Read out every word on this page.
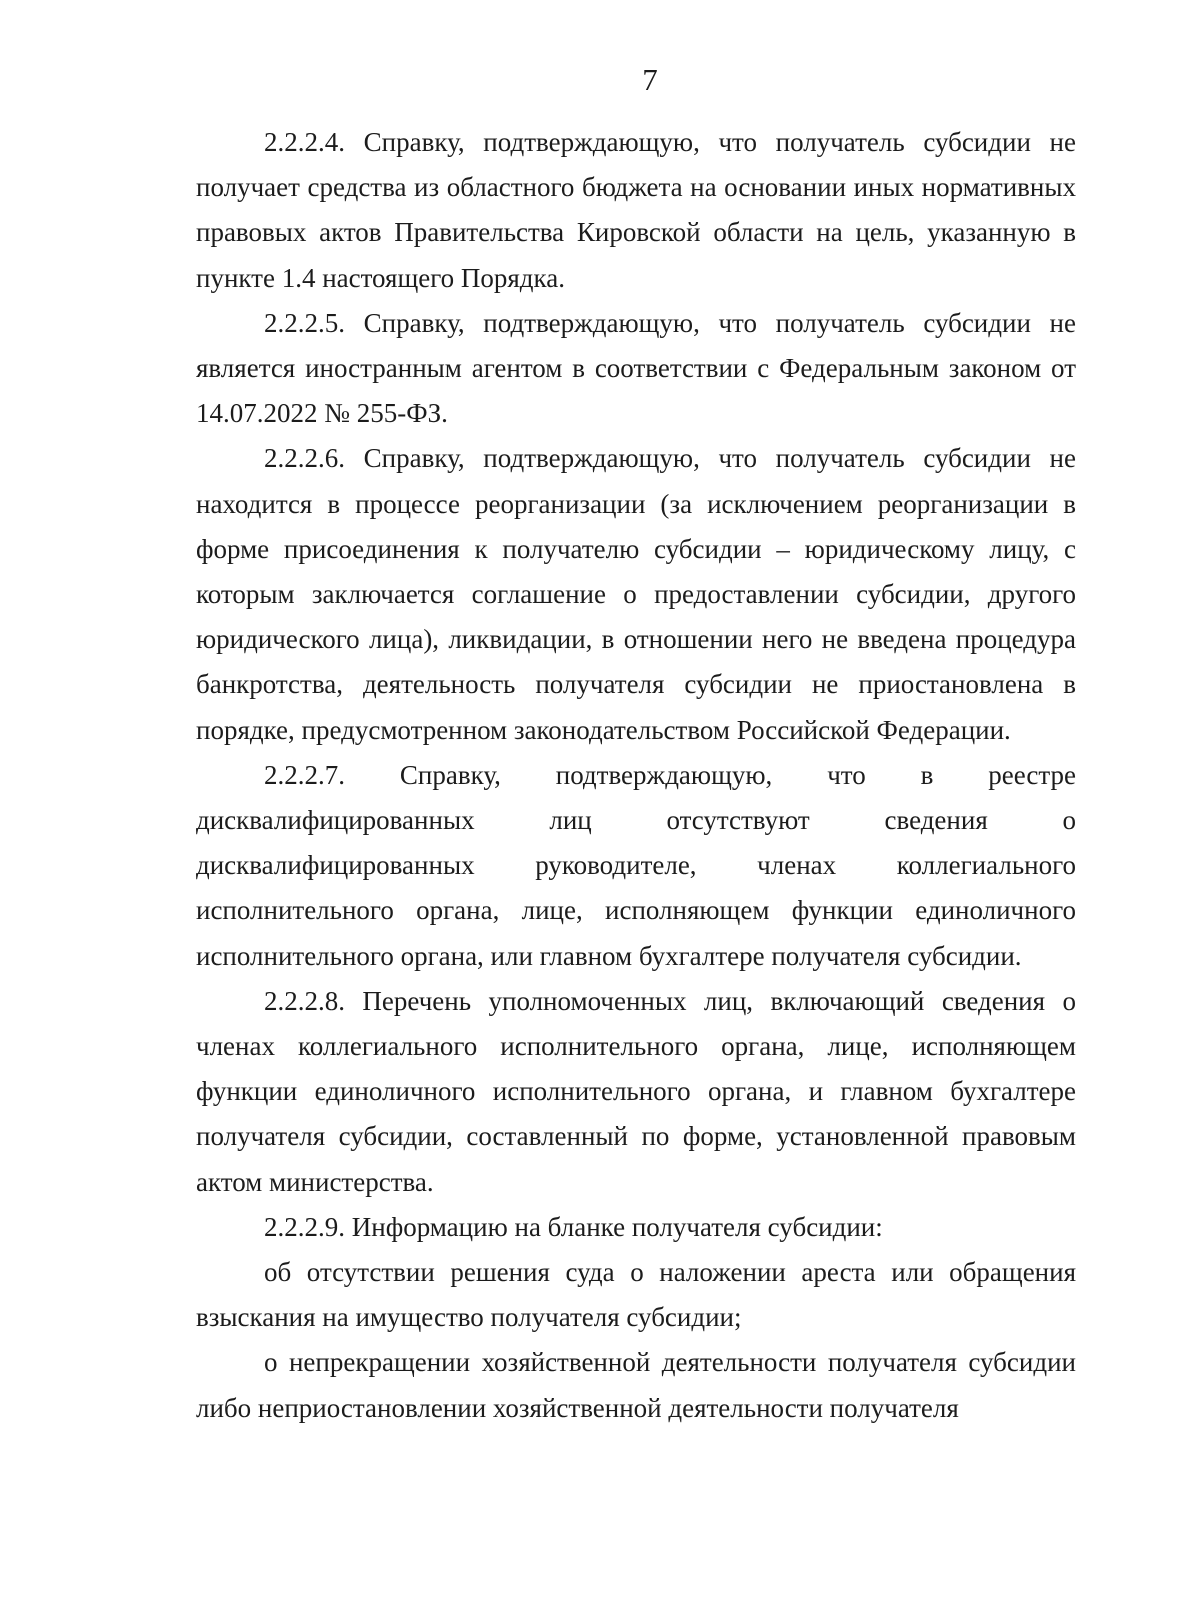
7

2.2.2.4. Справку, подтверждающую, что получатель субсидии не получает средства из областного бюджета на основании иных нормативных правовых актов Правительства Кировской области на цель, указанную в пункте 1.4 настоящего Порядка.

2.2.2.5. Справку, подтверждающую, что получатель субсидии не является иностранным агентом в соответствии с Федеральным законом от 14.07.2022 № 255-ФЗ.

2.2.2.6. Справку, подтверждающую, что получатель субсидии не находится в процессе реорганизации (за исключением реорганизации в форме присоединения к получателю субсидии – юридическому лицу, с которым заключается соглашение о предоставлении субсидии, другого юридического лица), ликвидации, в отношении него не введена процедура банкротства, деятельность получателя субсидии не приостановлена в порядке, предусмотренном законодательством Российской Федерации.

2.2.2.7. Справку, подтверждающую, что в реестре дисквалифицированных лиц отсутствуют сведения о дисквалифицированных руководителе, членах коллегиального исполнительного органа, лице, исполняющем функции единоличного исполнительного органа, или главном бухгалтере получателя субсидии.

2.2.2.8. Перечень уполномоченных лиц, включающий сведения о членах коллегиального исполнительного органа, лице, исполняющем функции единоличного исполнительного органа, и главном бухгалтере получателя субсидии, составленный по форме, установленной правовым актом министерства.

2.2.2.9. Информацию на бланке получателя субсидии:

об отсутствии решения суда о наложении ареста или обращения взыскания на имущество получателя субсидии;

о непрекращении хозяйственной деятельности получателя субсидии либо неприостановлении хозяйственной деятельности получателя
